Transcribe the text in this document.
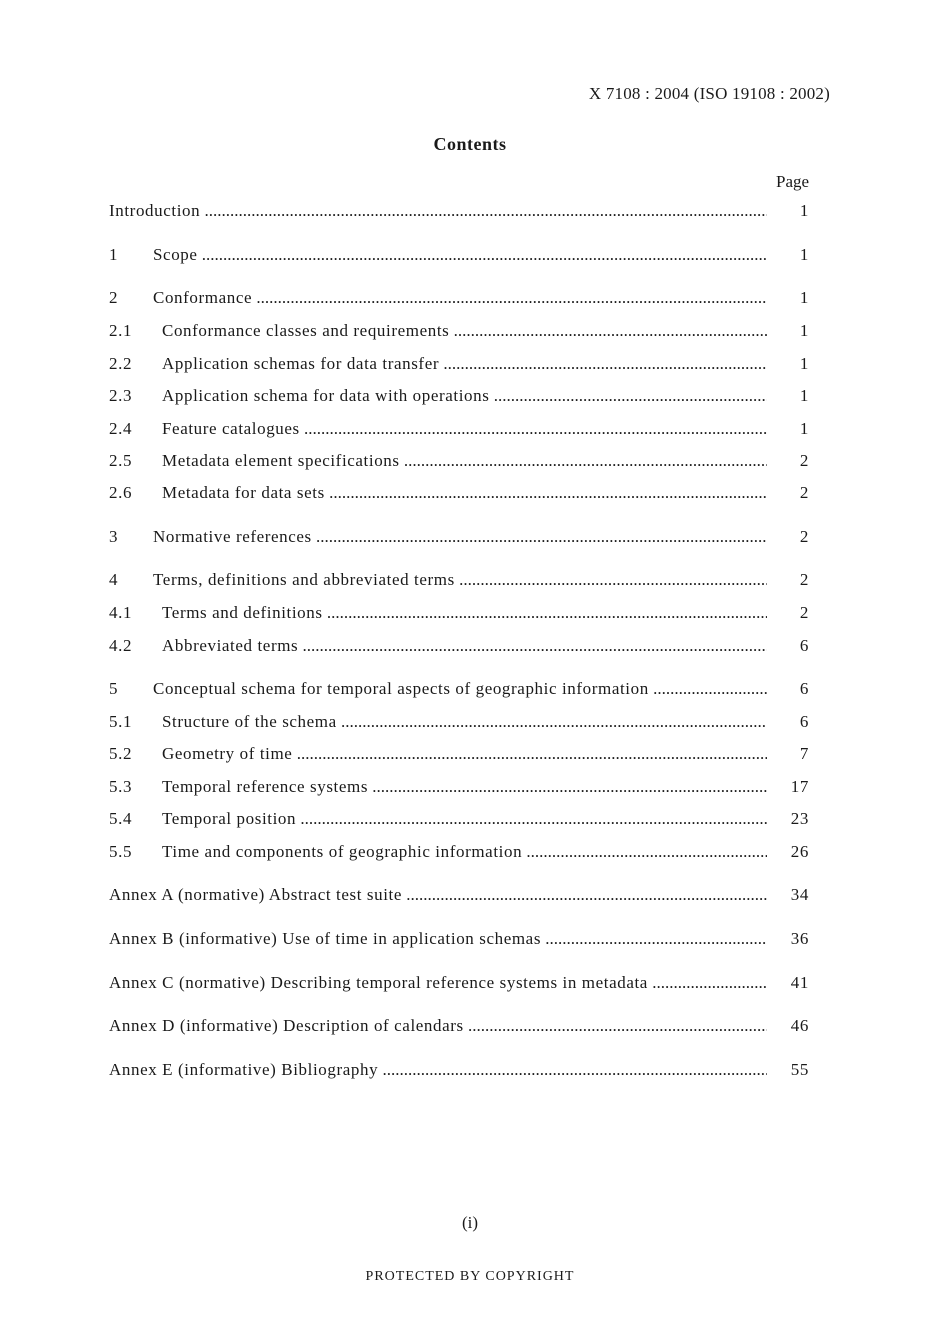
X 7108 : 2004 (ISO 19108 : 2002)
Contents
Page
Introduction .....	1
1 Scope .....	1
2 Conformance .....	1
2.1 Conformance classes and requirements .....	1
2.2 Application schemas for data transfer .....	1
2.3 Application schema for data with operations .....	1
2.4 Feature catalogues .....	1
2.5 Metadata element specifications .....	2
2.6 Metadata for data sets .....	2
3 Normative references .....	2
4 Terms, definitions and abbreviated terms .....	2
4.1 Terms and definitions .....	2
4.2 Abbreviated terms .....	6
5 Conceptual schema for temporal aspects of geographic information .....	6
5.1 Structure of the schema .....	6
5.2 Geometry of time .....	7
5.3 Temporal reference systems .....	17
5.4 Temporal position .....	23
5.5 Time and components of geographic information .....	26
Annex A (normative) Abstract test suite .....	34
Annex B (informative) Use of time in application schemas .....	36
Annex C (normative) Describing temporal reference systems in metadata .....	41
Annex D (informative) Description of calendars .....	46
Annex E (informative) Bibliography .....	55
(i)
PROTECTED BY COPYRIGHT
